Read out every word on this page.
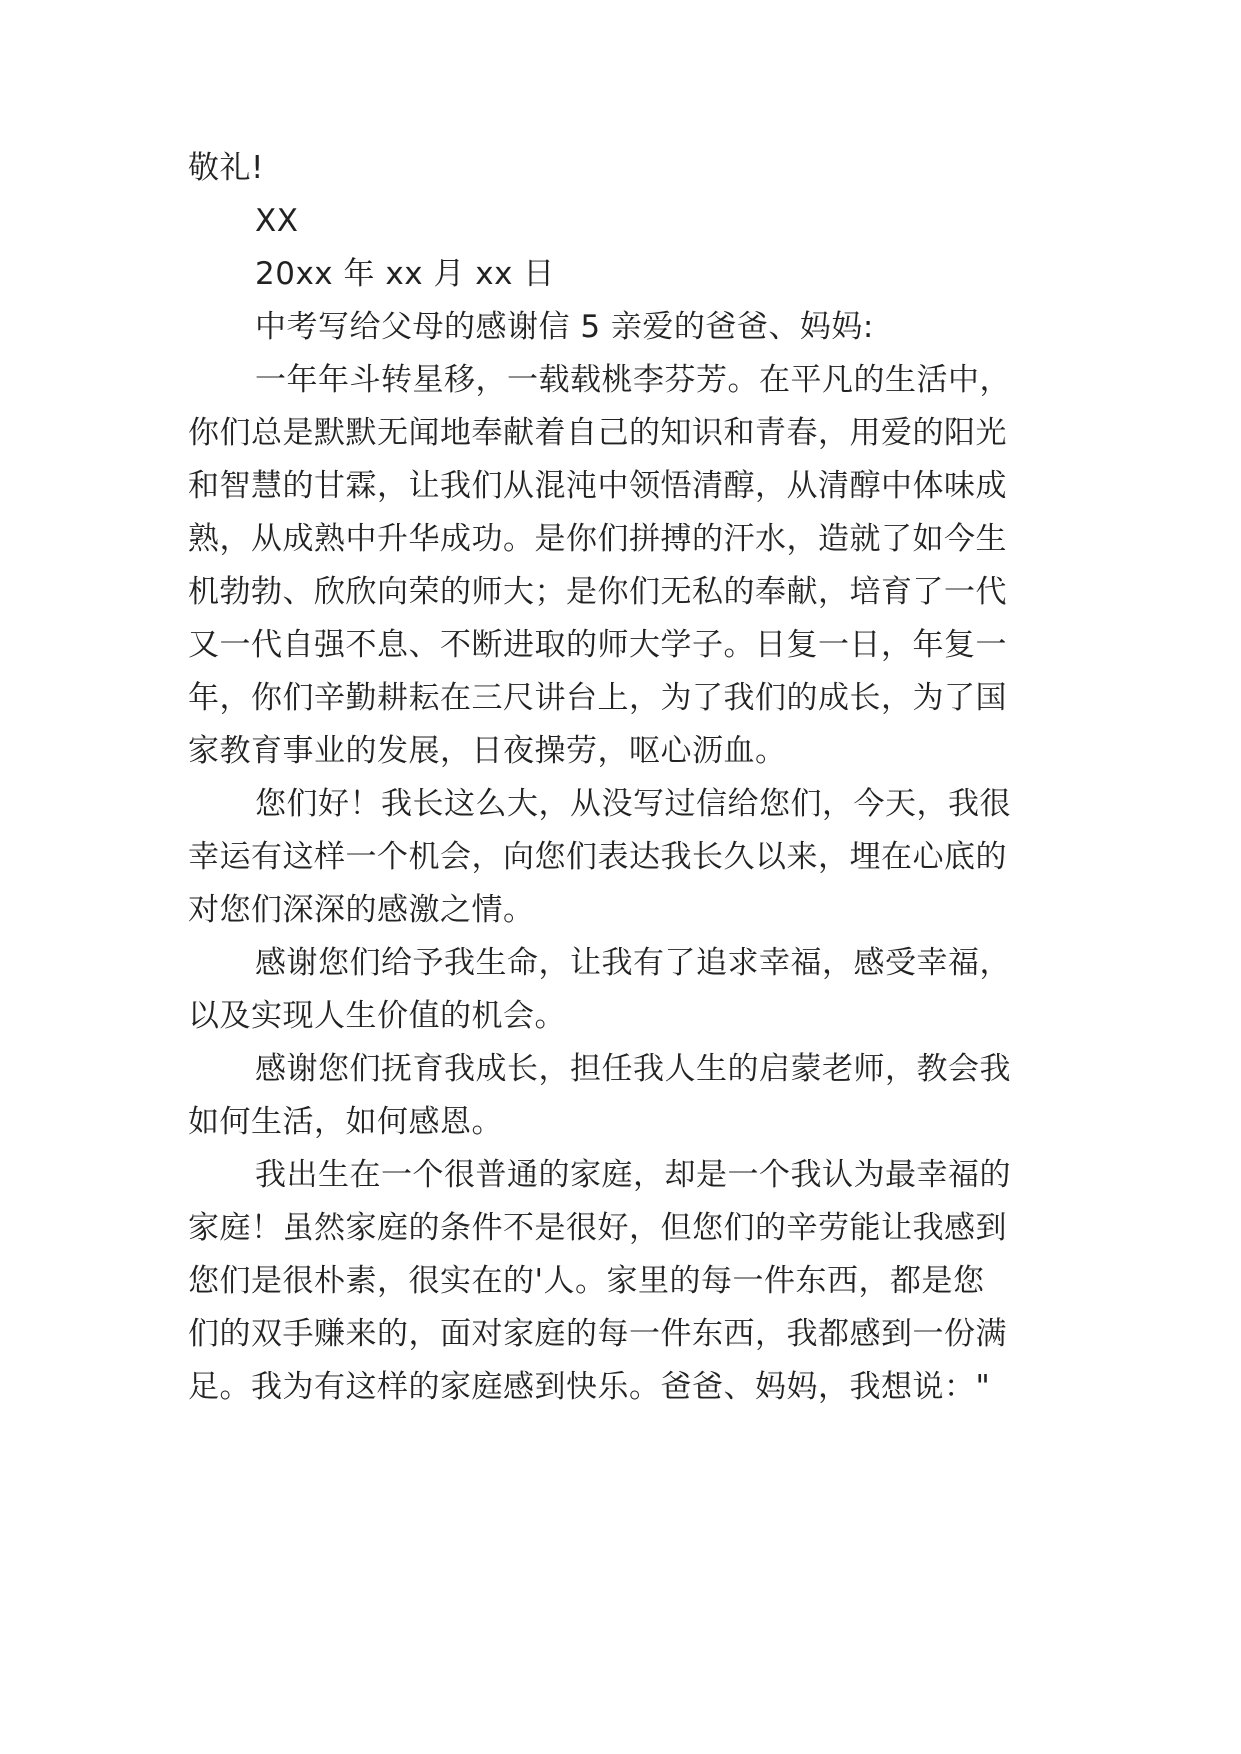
敬礼!
XX
20xx 年 xx 月 xx 日
中考写给父母的感谢信 5 亲爱的爸爸、妈妈:
一年年斗转星移，一载载桃李芬芳。在平凡的生活中，
你们总是默默无闻地奉献着自己的知识和青春，用爱的阳光
和智慧的甘霖，让我们从混沌中领悟清醇，从清醇中体味成
熟，从成熟中升华成功。是你们拼搏的汗水，造就了如今生
机勃勃、欣欣向荣的师大；是你们无私的奉献，培育了一代
又一代自强不息、不断进取的师大学子。日复一日，年复一
年，你们辛勤耕耘在三尺讲台上，为了我们的成长，为了国
家教育事业的发展，日夜操劳，呕心沥血。
您们好！我长这么大，从没写过信给您们，今天，我很
幸运有这样一个机会，向您们表达我长久以来，埋在心底的
对您们深深的感激之情。
感谢您们给予我生命，让我有了追求幸福，感受幸福，
以及实现人生价值的机会。
感谢您们抚育我成长，担任我人生的启蒙老师，教会我
如何生活，如何感恩。
我出生在一个很普通的家庭，却是一个我认为最幸福的
家庭！虽然家庭的条件不是很好，但您们的辛劳能让我感到
您们是很朴素，很实在的'人。家里的每一件东西，都是您
们的双手赚来的，面对家庭的每一件东西，我都感到一份满
足。我为有这样的家庭感到快乐。爸爸、妈妈，我想说："
